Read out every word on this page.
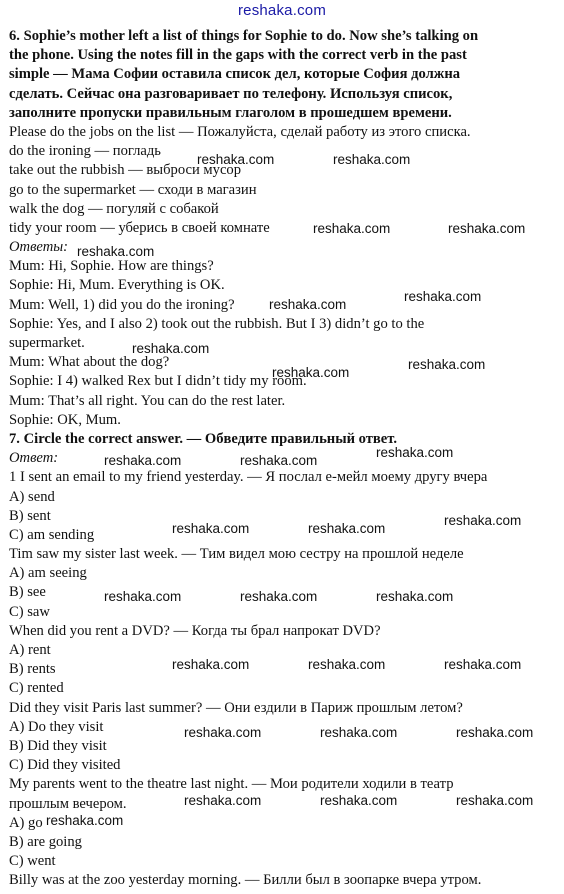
reshaka.com
6. Sophie’s mother left a list of things for Sophie to do. Now she’s talking on
the phone. Using the notes fill in the gaps with the correct verb in the past
simple — Мама Софии оставила список дел, которые София должна
сделать. Сейчас она разговаривает по телефону. Используя список,
заполните пропуски правильным глаголом в прошедшем времени.
Please do the jobs on the list — Пожалуйста, сделай работу из этого списка.
do the ironing — погладь
take out the rubbish — выброси мусор
go to the supermarket — сходи в магазин
walk the dog — погуляй с собакой
tidy your room — уберись в своей комнате
Ответы:
Mum: Hi, Sophie. How are things?
Sophie: Hi, Mum. Everything is OK.
Mum: Well, 1) did you do the ironing?
Sophie: Yes, and I also 2) took out the rubbish. But I 3) didn’t go to the
supermarket.
Mum: What about the dog?
Sophie: I 4) walked Rex but I didn’t tidy my room.
Mum: That’s all right. You can do the rest later.
Sophie: OK, Mum.
7. Circle the correct answer. — Обведите правильный ответ.
Ответ:
1 I sent an email to my friend yesterday. — Я послал е-мейл моему другу вчера
A) send
B) sent
C) am sending
Tim saw my sister last week. — Тим видел мою сестру на прошлой неделе
A) am seeing
B) see
C) saw
When did you rent a DVD? — Когда ты брал напрокат DVD?
A) rent
B) rents
C) rented
Did they visit Paris last summer? — Они ездили в Париж прошлым летом?
A) Do they visit
B) Did they visit
C) Did they visited
My parents went to the theatre last night. — Мои родители ходили в театр
прошлым вечером.
A) go
B) are going
C) went
Billy was at the zoo yesterday morning. — Билли был в зоопарке вчера утром.
reshaka.com	reshaka.com
reshaka.com	reshaka.com
reshaka.com
reshaka.com
reshaka.com
reshaka.com
reshaka.com
reshaka.com
reshaka.com
reshaka.com	reshaka.com
reshaka.com	reshaka.com
reshaka.com
reshaka.com	reshaka.com	reshaka.com
reshaka.com	reshaka.com	reshaka.com
reshaka.com	reshaka.com	reshaka.com
reshaka.com	reshaka.com	reshaka.com
reshaka.com
